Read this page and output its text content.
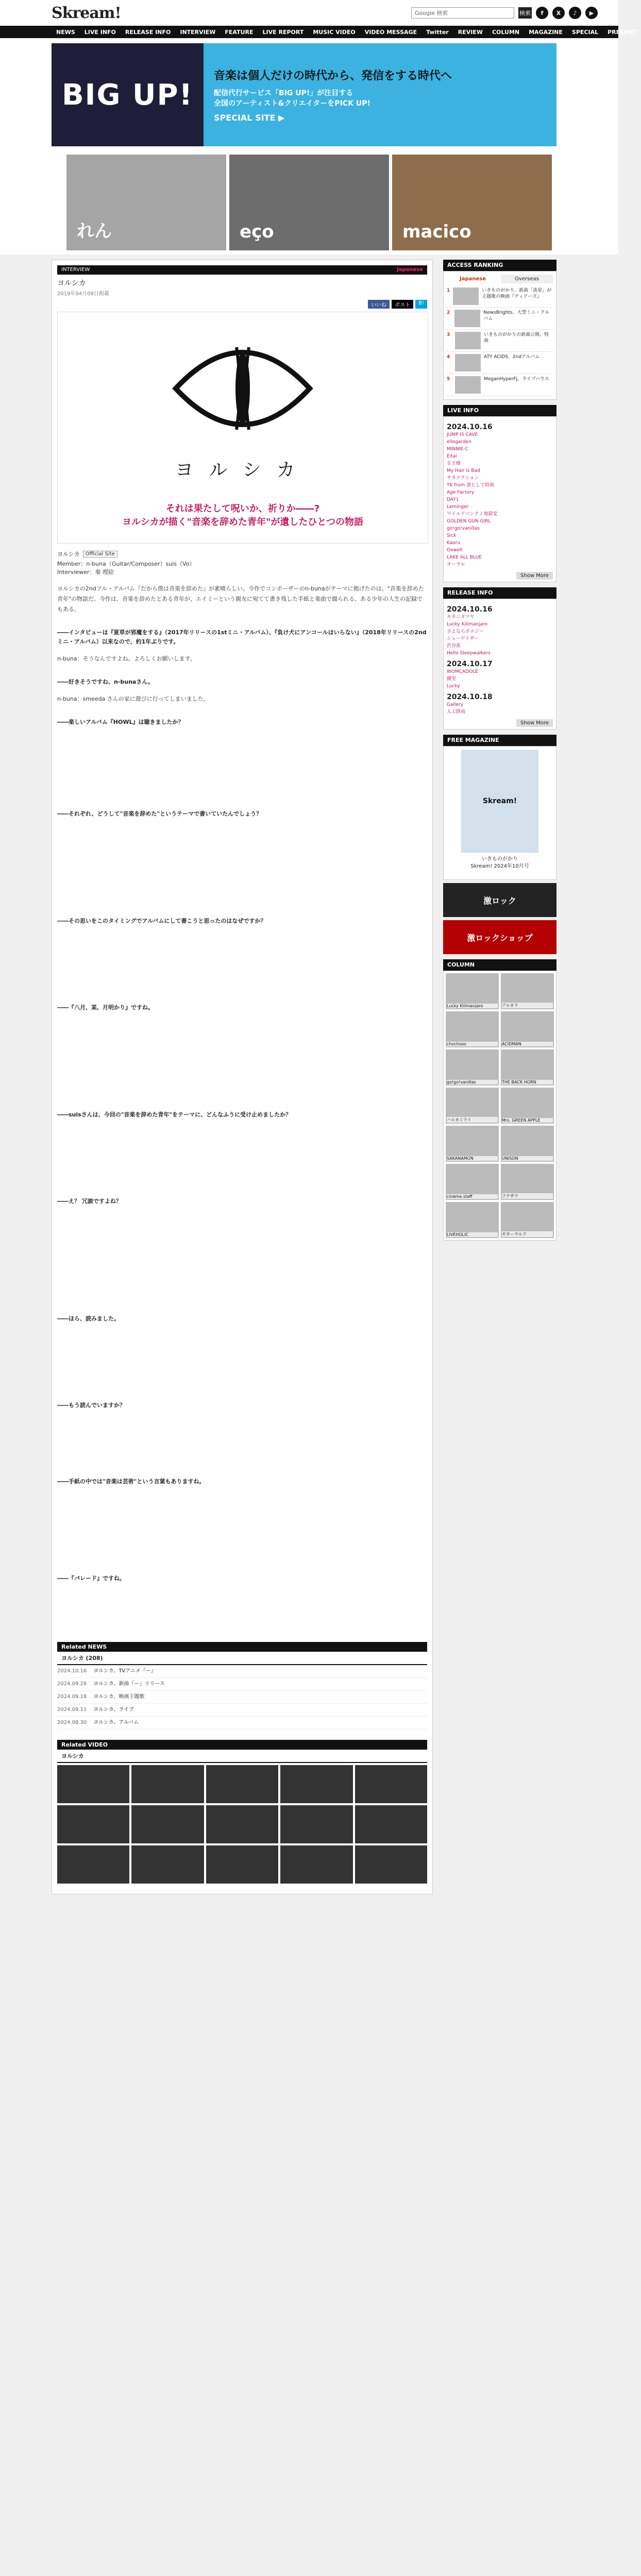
Skream!	Google 検索	検索	f	X	♪	▶
NEWS	LIVE INFO	RELEASE INFO	INTERVIEW	FEATURE	LIVE REPORT	MUSIC VIDEO	VIDEO MESSAGE	Twitter	REVIEW	COLUMN	MAGAZINE	SPECIAL	PRESENT
BIG UP!
音楽は個人だけの時代から、発信をする時代へ
配信代行サービス「BIG UP!」が注目する
全国のアーティスト&クリエイターをPICK UP!
SPECIAL SITE ▶
れん	eço	macico
INTERVIEW	Japanese
ヨルシカ
2019年04月09日掲載
いいね	ポスト	B!
ヨルシカ
それは果たして呪いか、祈りか――?
ヨルシカが描く"音楽を辞めた青年"が遺したひとつの物語
ヨルシカ	Official Site
Member：n-buna（Guitar/Composer）suis（Vo）
Interviewer：秦 理絵
ヨルシカの2ndフル・アルバム『だから僕は音楽を辞めた』が素晴らしい。今作でコンポーザーのn-bunaがテーマに掲げたのは、"音楽を辞めた青年"の物語だ。今作は、音楽を辞めたとある青年が、エイミーという親友に宛てて書き残した手紙と楽曲で綴られる、ある少年の人生の記録でもある。
――インタビューは『夏草が邪魔をする』（2017年リリースの1stミニ・アルバム）、『負け犬にアンコールはいらない』（2018年リリースの2ndミニ・アルバム）以来なので、約1年ぶりです。
n-buna：そうなんですよね。よろしくお願いします。
――好きそうですね、n-bunaさん。
n-buna：smeeda さんの家に遊びに行ってしまいました。
――楽しいアルバム『HOWL』は聴きましたか？
――それぞれ、どうして"音楽を辞めた"というテーマで書いていたんでしょう？
――その思いをこのタイミングでアルバムにして書こうと思ったのはなぜですか？
――『八月、某、月明かり』ですね。
――suisさんは、今回の"音楽を辞めた青年"をテーマに、どんなふうに受け止めましたか？
――え？ 冗談ですよね？
――ほら、読みました。
――もう読んでいますか？
――手紙の中では"音楽は芸術"という言葉もありますね。
――『パレード』ですね。
Related NEWS
ヨルシカ (208)
2024.10.16 ヨルシカ、TVアニメ『ー』
2024.09.26 ヨルシカ、新曲『ー』リリース
2024.09.18 ヨルシカ、映画主題歌
2024.09.11 ヨルシカ、ライブ
2024.08.30 ヨルシカ、アルバム
Related VIDEO
ヨルシカ
ACCESS RANKING
Japanese	Overseas
1	いきものがかり、新曲「流星」が主題歌の映画『ティアーズ』
2	NewsBrights、大型ミニ・アルバム
3	いきものがかりの新曲公開、特典
4	ATY ACIDS、2ndアルバム
5	MeganHyperFJ、ライブハウス
LIVE INFO
2024.10.16
JUMP IS CAVE
ellegarden
MINNIE-C
Eitai
女王蜂
My Hair is Bad
サカナクション
TK from 凛として時雨
Age Factory
DAY1
Leminger
ワイルドバンチ / 地獄変
GOLDEN GUN GIRL
go!go!vanillas
Sick
Kaoru
Oxwell
LAKE ALL BLUE
オーラル
Show More
RELEASE INFO
2024.10.16
キタニタツヤ
Lucky Kilimanjaro
さよならポエジー
シューゲイザー
渋谷系
Hello Sleepwalkers
2024.10.17
WOMCADOLE
優里
Lucky
2024.10.18
Gallery
人工降雨
Show More
FREE MAGAZINE
Skream!
いきものがかり
Skream! 2024年10月号
激ロック
激ロックショップ
COLUMN
Lucky Kilimanjaro	アルカラ
chochoxo	ACIDMAN
go!go!vanillas	THE BACK HORN
ハルカミライ	Mrs. GREEN APPLE
SAKANAMON	UNISON
cinema staff	フクザワ
LIVEHOLIC	ギターウルフ
